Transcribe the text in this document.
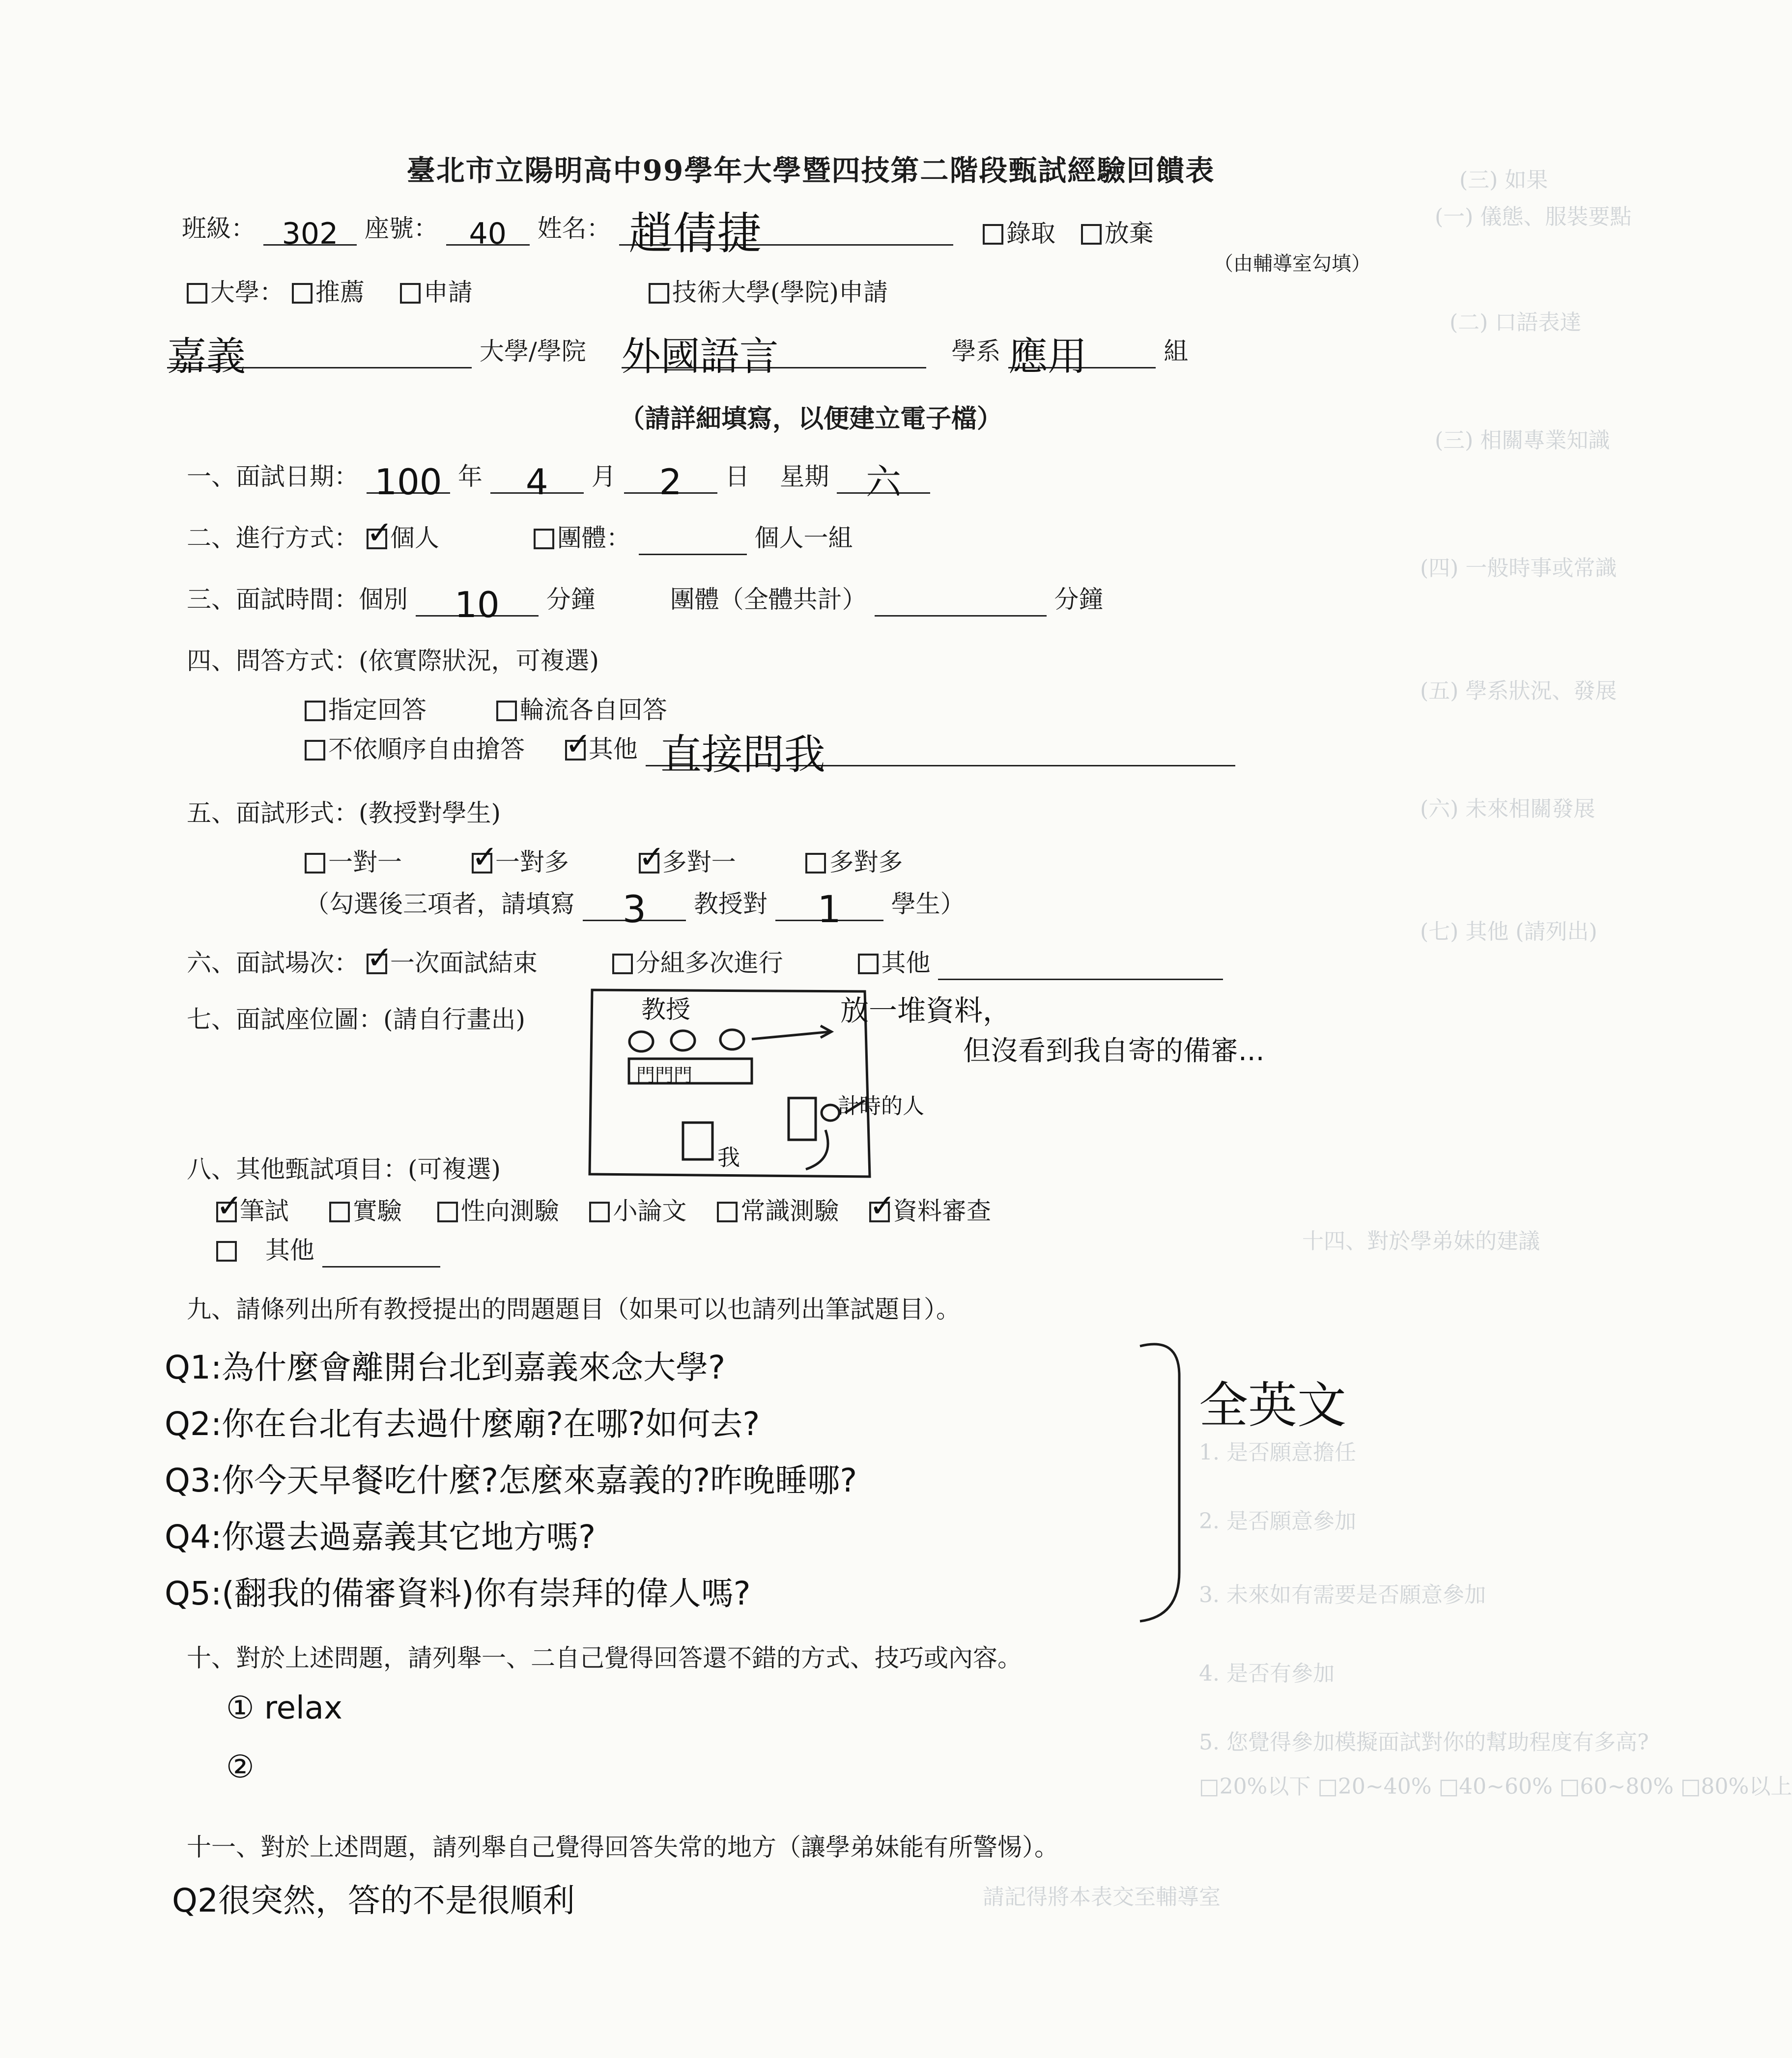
(三) 如果
(一) 儀態、服裝要點
(二) 口語表達
(三) 相關專業知識
(四) 一般時事或常識
(五) 學系狀況、發展
(六) 未來相關發展
(七) 其他 (請列出)
十四、對於學弟妹的建議
1. 是否願意擔任
2. 是否願意參加
3. 未來如有需要是否願意參加
4. 是否有參加
5. 您覺得參加模擬面試對你的幫助程度有多高?
□20%以下 □20~40% □40~60% □60~80% □80%以上
請記得將本表交至輔導室
臺北市立陽明高中99學年大學暨四技第二階段甄試經驗回饋表
班級： 302 座號： 40 姓名： 趙倩捷	錄取 放棄
（由輔導室勾填）
大學： 推薦 申請	技術大學(學院)申請
嘉義	大學/學院 外國語言	學系 應用	組
（請詳細填寫，以便建立電子檔）
一、面試日期： 100 年 4 月 2 日 星期 六
二、進行方式： ✓ 個人	團體：	個人一組
三、面試時間：個別 10 分鐘	團體（全體共計）	分鐘
四、問答方式：(依實際狀況，可複選)
指定回答	輪流各自回答
不依順序自由搶答 ✓	其他 直接問我
五、面試形式：(教授對學生)
一對一 ✓	一對多 ✓	多對一	多對多
（勾選後三項者，請填寫 3 教授對 1 學生）
六、面試場次： ✓ 一次面試結束	分組多次進行	其他
七、面試座位圖：(請自行畫出)	教授
門門門
我
計時的人
放一堆資料，
但沒看到我自寄的備審...
八、其他甄試項目：(可複選)
✓筆試	實驗 性向測驗 小論文 常識測驗 ✓ 資料審查
其他
九、請條列出所有教授提出的問題題目（如果可以也請列出筆試題目）。
Q1:為什麼會離開台北到嘉義來念大學?
Q2:你在台北有去過什麼廟?在哪?如何去?
Q3:你今天早餐吃什麼?怎麼來嘉義的?昨晚睡哪?
Q4:你還去過嘉義其它地方嗎?
Q5:(翻我的備審資料)你有崇拜的偉人嗎?
全英文
十、對於上述問題，請列舉一、二自己覺得回答還不錯的方式、技巧或內容。
① relax
②
十一、對於上述問題，請列舉自己覺得回答失常的地方（讓學弟妹能有所警惕）。
Q2很突然，答的不是很順利
